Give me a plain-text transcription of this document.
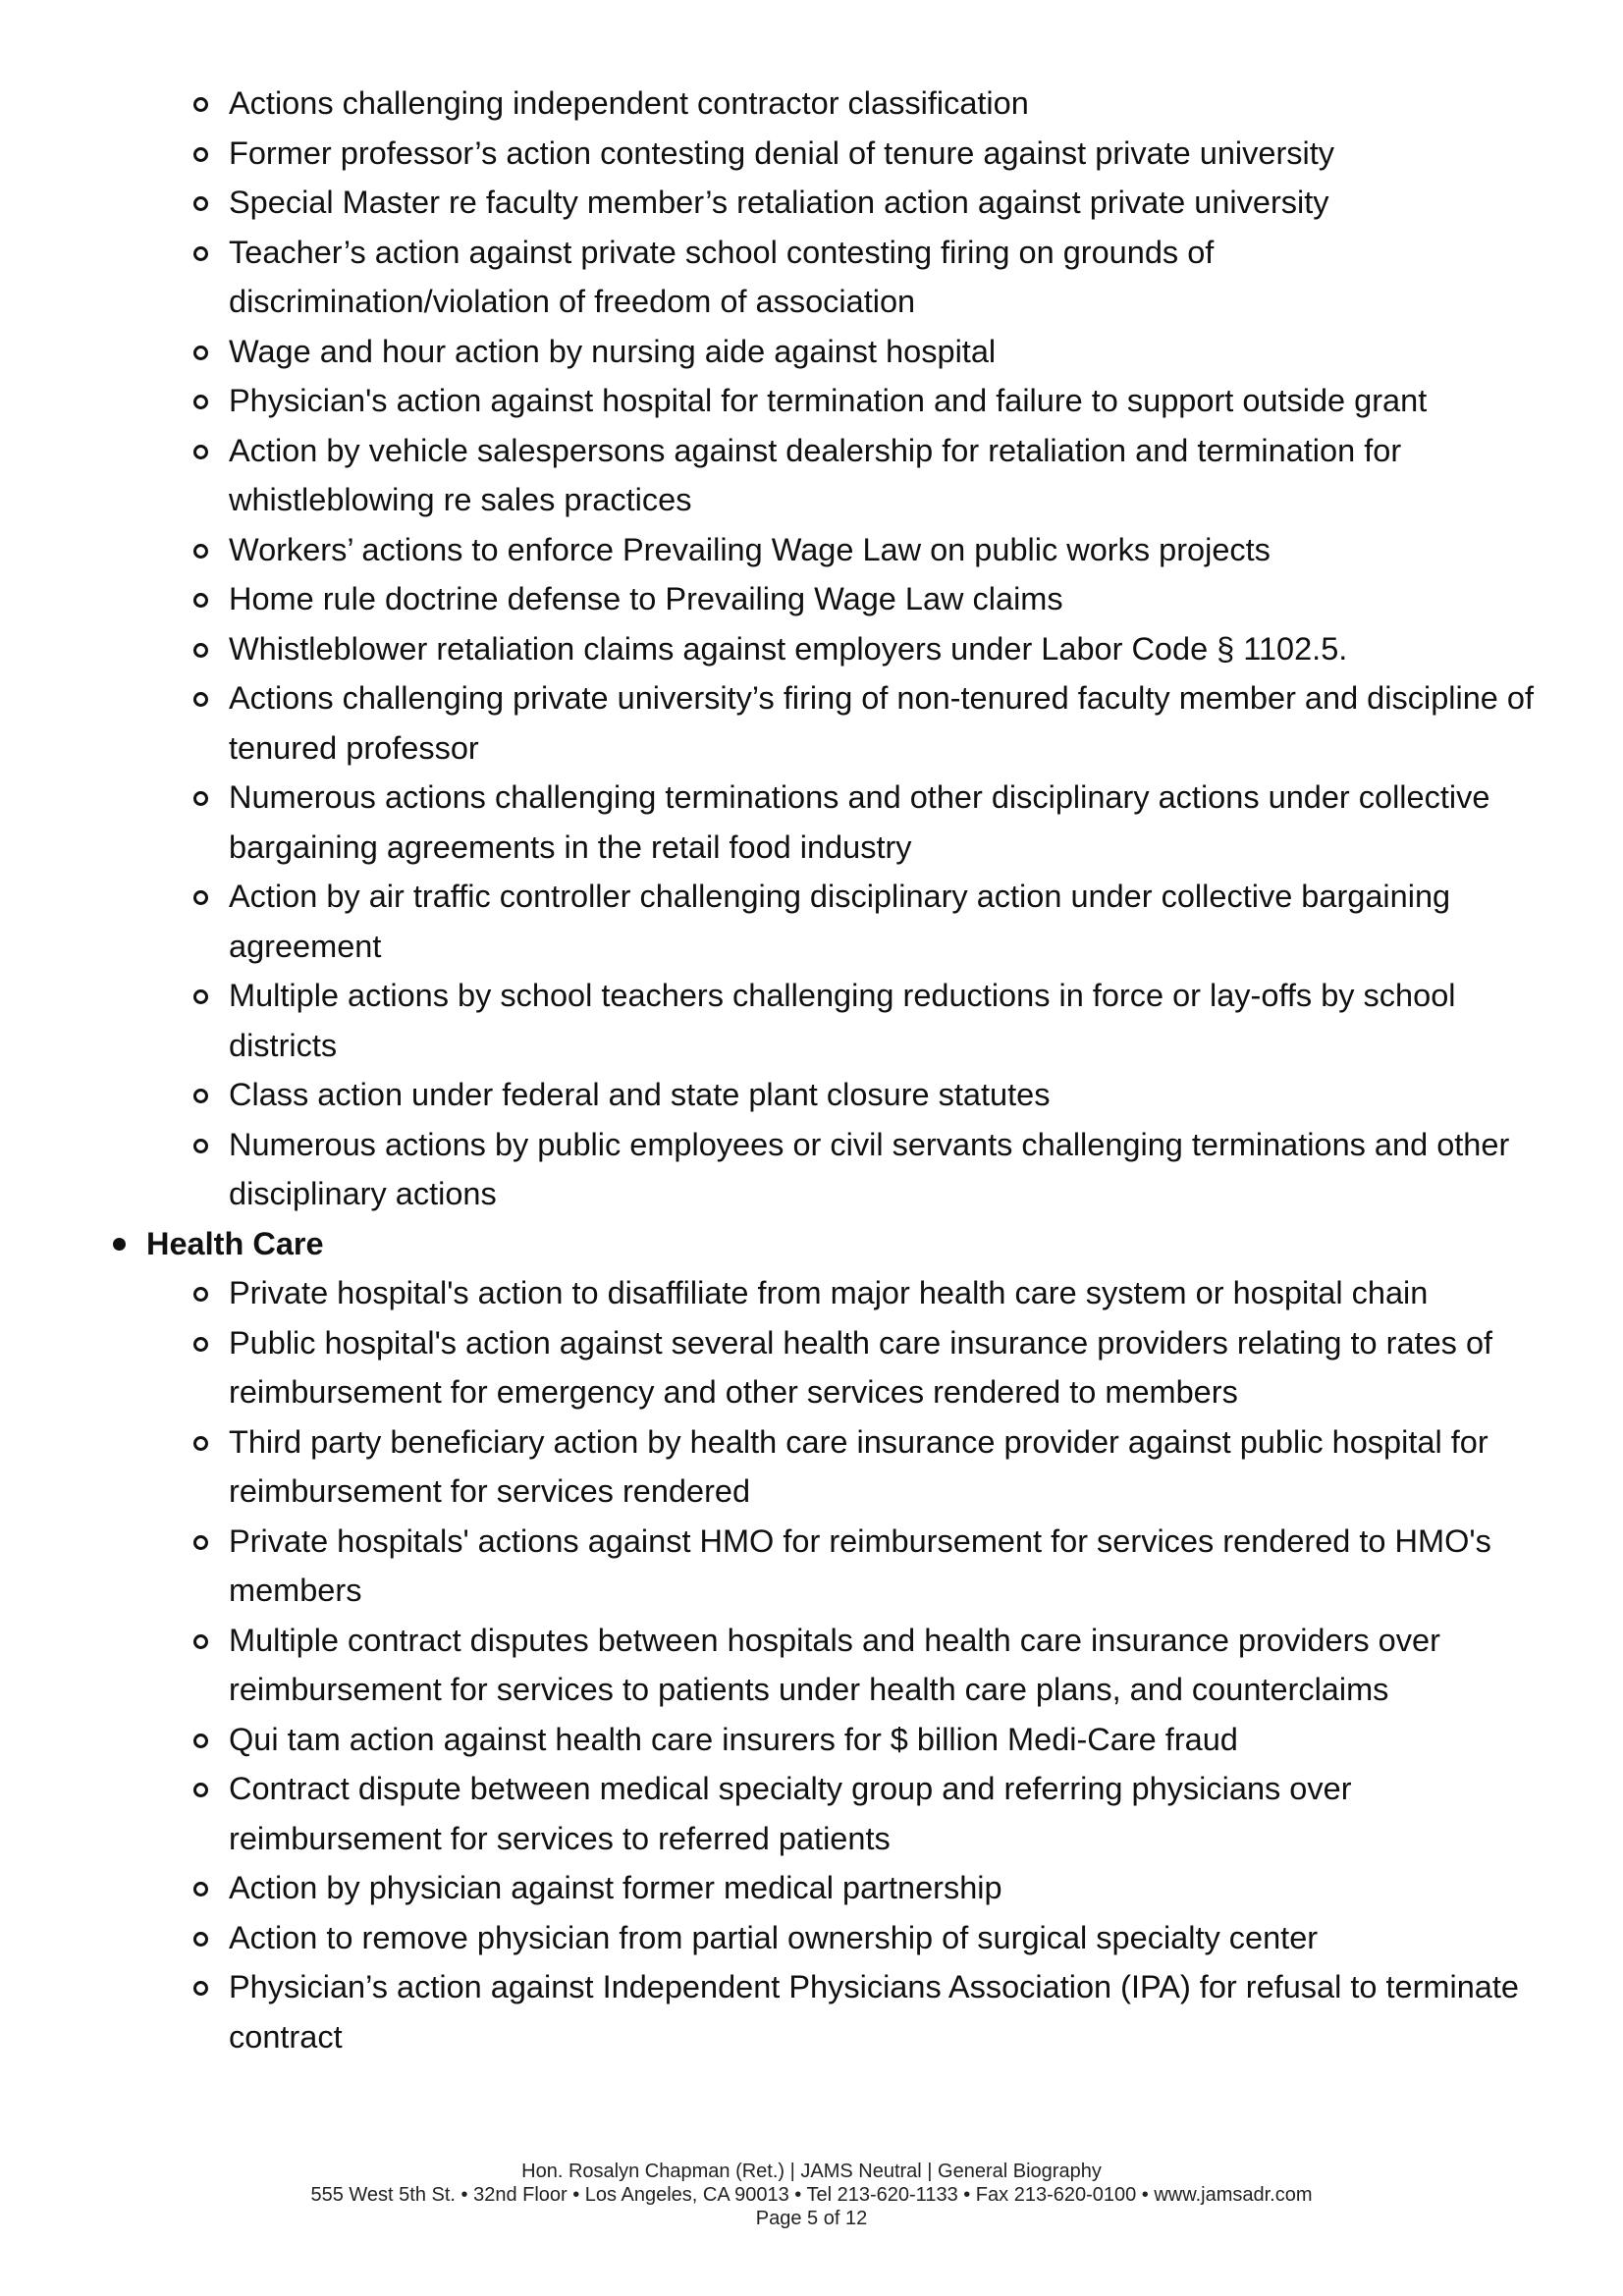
Actions challenging independent contractor classification

Former professor’s action contesting denial of tenure against private university

Special Master re faculty member’s retaliation action against private university

Teacher’s action against private school contesting firing on grounds of discrimination/violation of freedom of association

Wage and hour action by nursing aide against hospital

Physician's action against hospital for termination and failure to support outside grant

Action by vehicle salespersons against dealership for retaliation and termination for whistleblowing re sales practices

Workers’ actions to enforce Prevailing Wage Law on public works projects

Home rule doctrine defense to Prevailing Wage Law claims

Whistleblower retaliation claims against employers under Labor Code § 1102.5.

Actions challenging private university’s firing of non-tenured faculty member and discipline of tenured professor

Numerous actions challenging terminations and other disciplinary actions under collective bargaining agreements in the retail food industry

Action by air traffic controller challenging disciplinary action under collective bargaining agreement

Multiple actions by school teachers challenging reductions in force or lay-offs by school districts

Class action under federal and state plant closure statutes

Numerous actions by public employees or civil servants challenging terminations and other disciplinary actions

Health Care

Private hospital's action to disaffiliate from major health care system or hospital chain

Public hospital's action against several health care insurance providers relating to rates of reimbursement for emergency and other services rendered to members

Third party beneficiary action by health care insurance provider against public hospital for reimbursement for services rendered

Private hospitals' actions against HMO for reimbursement for services rendered to HMO's members

Multiple contract disputes between hospitals and health care insurance providers over reimbursement for services to patients under health care plans, and counterclaims

Qui tam action against health care insurers for $ billion Medi-Care fraud

Contract dispute between medical specialty group and referring physicians over reimbursement for services to referred patients

Action by physician against former medical partnership

Action to remove physician from partial ownership of surgical specialty center

Physician’s action against Independent Physicians Association (IPA) for refusal to terminate contract

Hon. Rosalyn Chapman (Ret.) | JAMS Neutral | General Biography
555 West 5th St. • 32nd Floor • Los Angeles, CA 90013 • Tel 213-620-1133 • Fax 213-620-0100 • www.jamsadr.com
Page 5 of 12
